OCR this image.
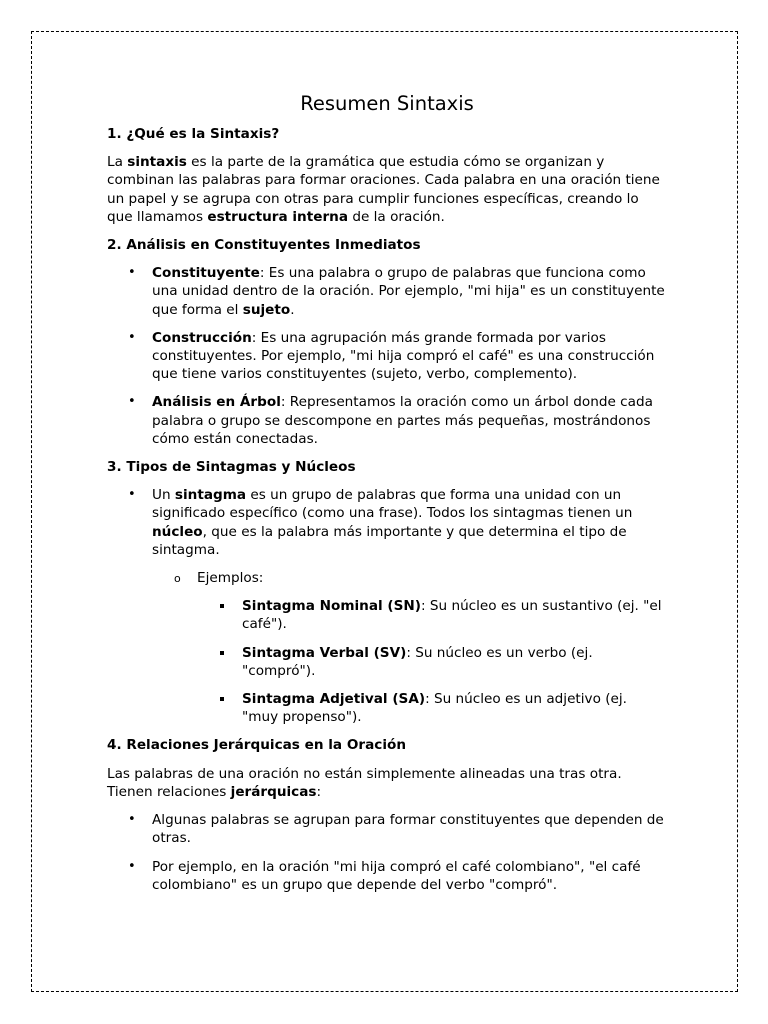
Resumen Sintaxis
1. ¿Qué es la Sintaxis?

La sintaxis es la parte de la gramática que estudia cómo se organizan y combinan las palabras para formar oraciones. Cada palabra en una oración tiene un papel y se agrupa con otras para cumplir funciones específicas, creando lo que llamamos estructura interna de la oración.

2. Análisis en Constituyentes Inmediatos
• Constituyente: Es una palabra o grupo de palabras que funciona como una unidad dentro de la oración. Por ejemplo, "mi hija" es un constituyente que forma el sujeto.
• Construcción: Es una agrupación más grande formada por varios constituyentes. Por ejemplo, "mi hija compró el café" es una construcción que tiene varios constituyentes (sujeto, verbo, complemento).
• Análisis en Árbol: Representamos la oración como un árbol donde cada palabra o grupo se descompone en partes más pequeñas, mostrándonos cómo están conectadas.
3. Tipos de Sintagmas y Núcleos
• Un sintagma es un grupo de palabras que forma una unidad con un significado específico (como una frase). Todos los sintagmas tienen un núcleo, que es la palabra más importante y que determina el tipo de sintagma.
o Ejemplos:
Sintagma Nominal (SN): Su núcleo es un sustantivo (ej. "el café").
Sintagma Verbal (SV): Su núcleo es un verbo (ej. "compró").
Sintagma Adjetival (SA): Su núcleo es un adjetivo (ej. "muy propenso").
4. Relaciones Jerárquicas en la Oración

Las palabras de una oración no están simplemente alineadas una tras otra. Tienen relaciones jerárquicas:

• Algunas palabras se agrupan para formar constituyentes que dependen de otras.
• Por ejemplo, en la oración "mi hija compró el café colombiano", "el café colombiano" es un grupo que depende del verbo "compró".
